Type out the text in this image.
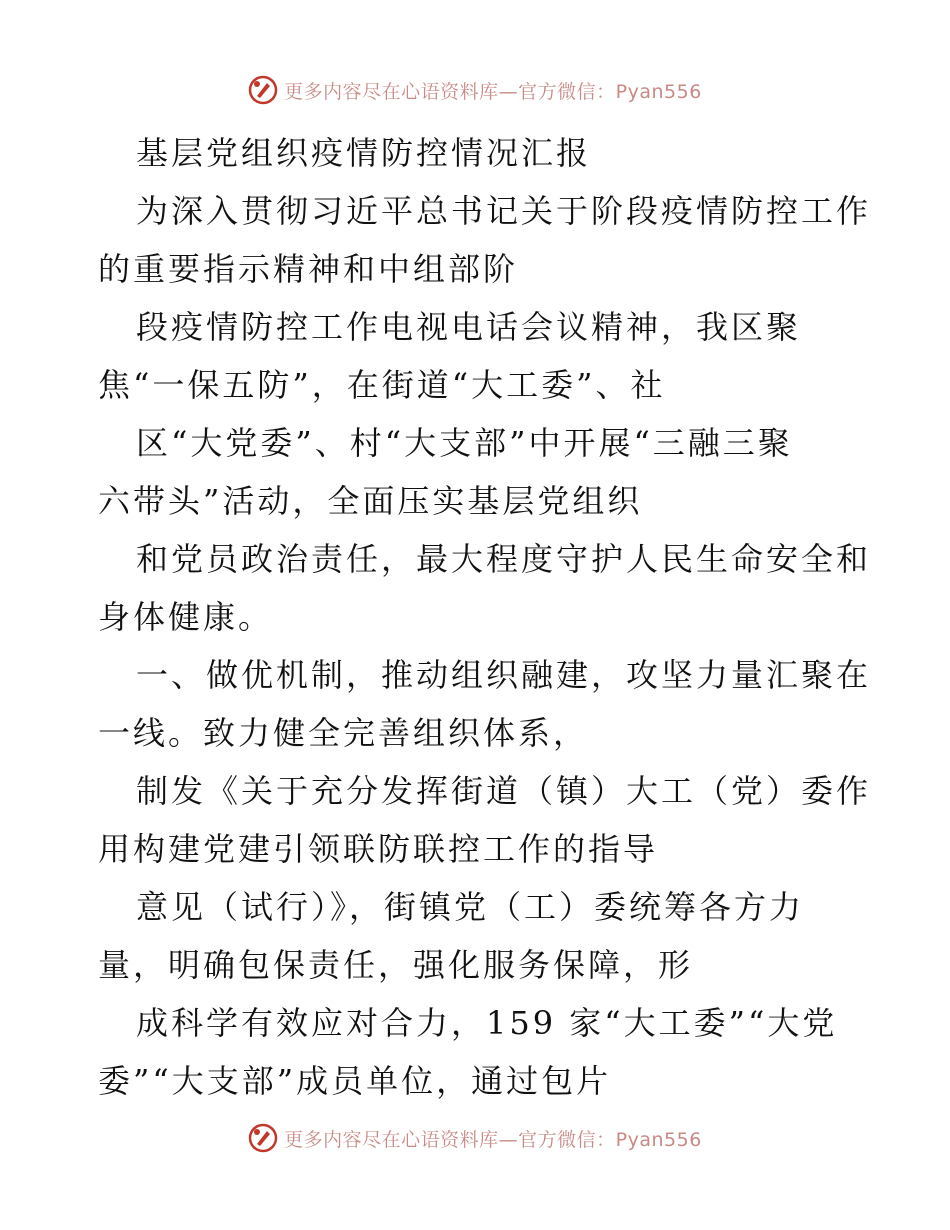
更多内容尽在心语资料库—官方微信：Pyan556
基层党组织疫情防控情况汇报
为深入贯彻习近平总书记关于阶段疫情防控工作
的重要指示精神和中组部阶
段疫情防控工作电视电话会议精神，我区聚
焦“一保五防”，在街道“大工委”、社
区“大党委”、村“大支部”中开展“三融三聚
六带头”活动，全面压实基层党组织
和党员政治责任，最大程度守护人民生命安全和
身体健康。
一、做优机制，推动组织融建，攻坚力量汇聚在
一线。致力健全完善组织体系，
制发《关于充分发挥街道（镇）大工（党）委作
用构建党建引领联防联控工作的指导
意见（试行）》，街镇党（工）委统筹各方力
量，明确包保责任，强化服务保障，形
成科学有效应对合力，159 家“大工委”“大党
委”“大支部”成员单位，通过包片
更多内容尽在心语资料库—官方微信：Pyan556
